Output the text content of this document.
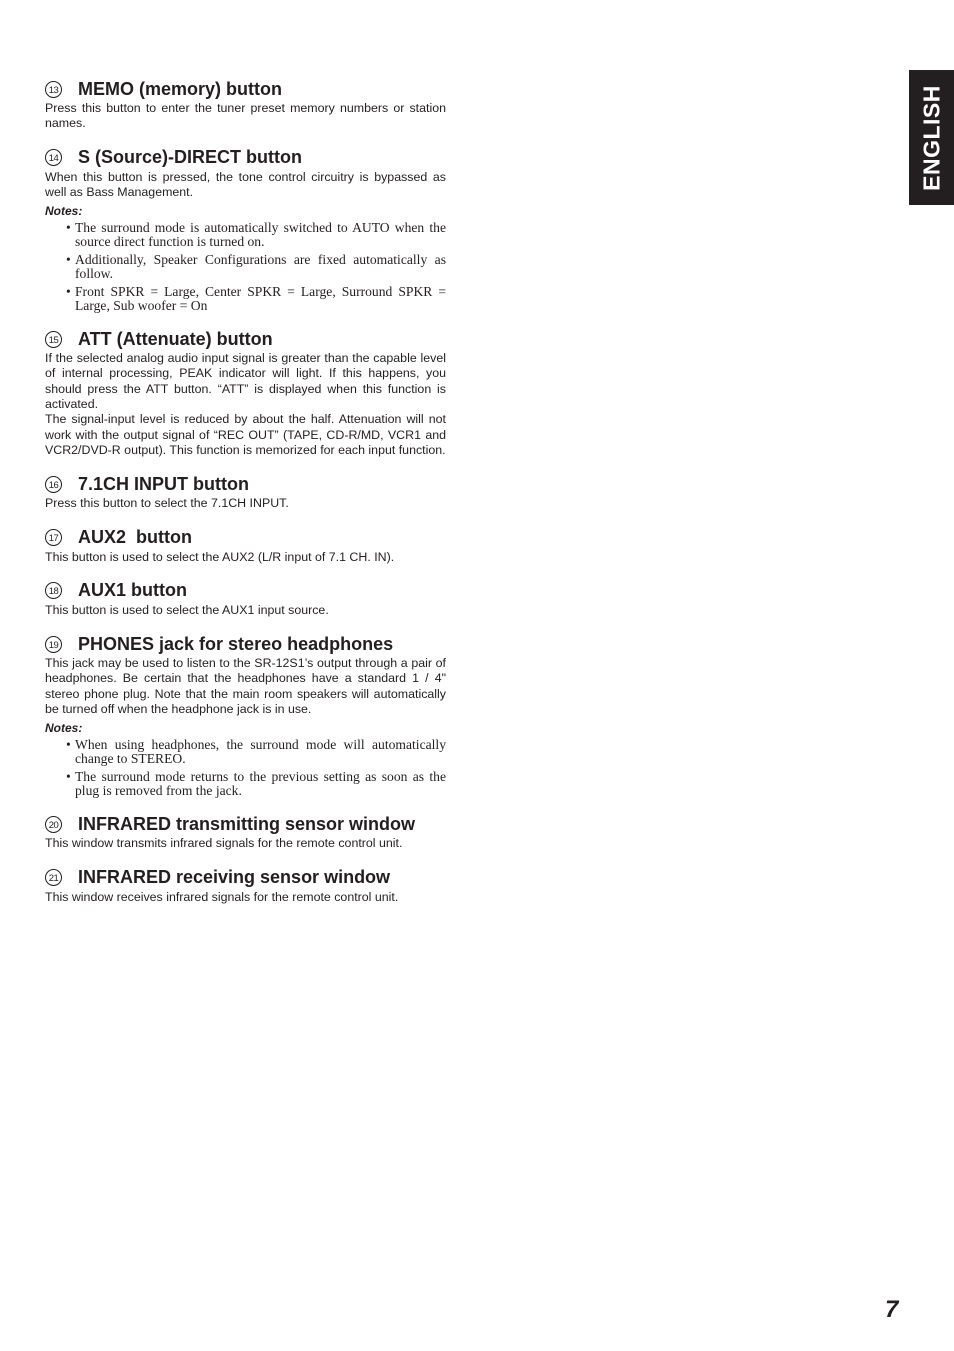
ENGLISH
13 MEMO (memory) button

Press this button to enter the tuner preset memory numbers or station names.

14 S (Source)-DIRECT button

When this button is pressed, the tone control circuitry is bypassed as well as Bass Management.

Notes:
• The surround mode is automatically switched to AUTO when the source direct function is turned on.
• Additionally, Speaker Configurations are fixed automatically as follow.
• Front SPKR = Large, Center SPKR = Large, Surround SPKR = Large, Sub woofer = On
15 ATT (Attenuate) button

If the selected analog audio input signal is greater than the capable level of internal processing, PEAK indicator will light. If this happens, you should press the ATT button. “ATT” is displayed when this function is activated.

The signal-input level is reduced by about the half. Attenuation will not work with the output signal of “REC OUT” (TAPE, CD-R/MD, VCR1 and VCR2/DVD-R output). This function is memorized for each input function.

16 7.1CH INPUT button

Press this button to select the 7.1CH INPUT.

17 AUX2  button

This button is used to select the AUX2 (L/R input of 7.1 CH. IN).

18 AUX1 button

This button is used to select the AUX1 input source.

19 PHONES jack for stereo headphones

This jack may be used to listen to the SR-12S1’s output through a pair of headphones. Be certain that the headphones have a standard 1 / 4" stereo phone plug. Note that the main room speakers will automatically be turned off when the headphone jack is in use.

Notes:
• When using headphones, the surround mode will automatically change to STEREO.
• The surround mode returns to the previous setting as soon as the plug is removed from the jack.
20 INFRARED transmitting sensor window

This window transmits infrared signals for the remote control unit.

21 INFRARED receiving sensor window

This window receives infrared signals for the remote control unit.

7
